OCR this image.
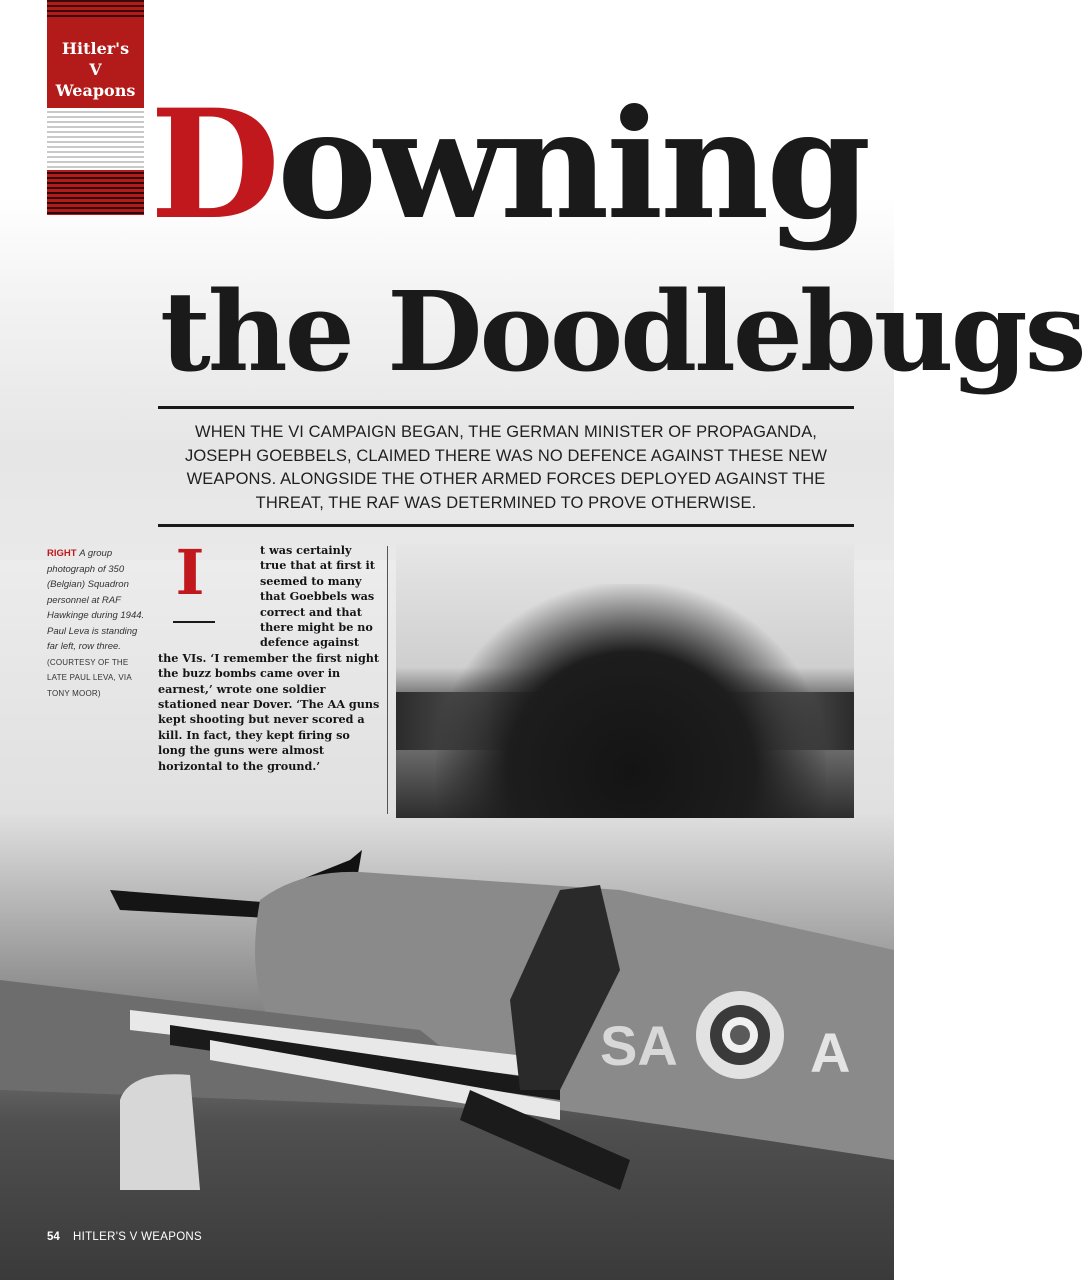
Hitler's
V Weapons Downing
the Doodlebugs
WHEN THE VI CAMPAIGN BEGAN, THE GERMAN MINISTER OF PROPAGANDA, JOSEPH GOEBBELS, CLAIMED THERE WAS NO DEFENCE AGAINST THESE NEW WEAPONS. ALONGSIDE THE OTHER ARMED FORCES DEPLOYED AGAINST THE THREAT, THE RAF WAS DETERMINED TO PROVE OTHERWISE.
RIGHT A group photograph of 350 (Belgian) Squadron personnel at RAF Hawkinge during 1944. Paul Leva is standing far left, row three. (COURTESY OF THE LATE PAUL LEVA, VIA TONY MOOR)
I	t was certainly true that at first it seemed to many that Goebbels was correct and that there might be no defence against the VIs. ‘I remember the first night the buzz bombs came over in earnest,’ wrote one soldier stationed near Dover. ‘The AA guns kept shooting but never scored a kill. In fact, they kept firing so long the guns were almost horizontal to the ground.’
SA A
54 HITLER'S V WEAPONS
